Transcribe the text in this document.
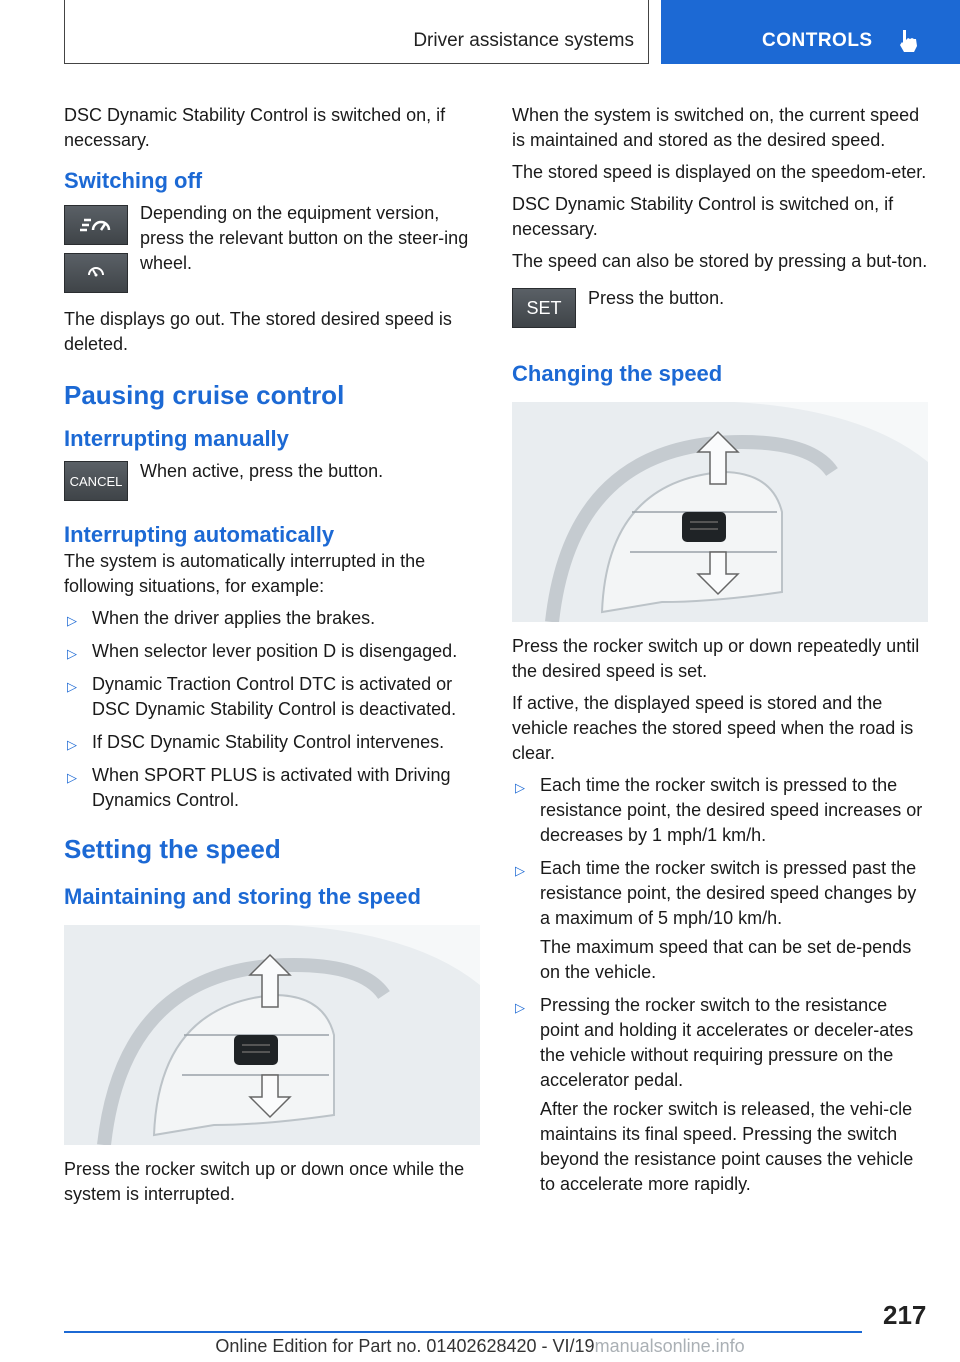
Driver assistance systems	CONTROLS

DSC Dynamic Stability Control is switched on, if necessary.

Switching off

Depending on the equipment version, press the relevant button on the steer-ing wheel.

The displays go out. The stored desired speed is deleted.

Pausing cruise control
Interrupting manually
CANCEL When active, press the button.

Interrupting automatically

The system is automatically interrupted in the following situations, for example:

▷ When the driver applies the brakes.
▷ When selector lever position D is disengaged.
▷ Dynamic Traction Control DTC is activated or DSC Dynamic Stability Control is deactivated.
▷ If DSC Dynamic Stability Control intervenes.
▷ When SPORT PLUS is activated with Driving Dynamics Control.
Setting the speed
Maintaining and storing the speed

Press the rocker switch up or down once while the system is interrupted.

When the system is switched on, the current speed is maintained and stored as the desired speed.

The stored speed is displayed on the speedom-eter.

DSC Dynamic Stability Control is switched on, if necessary.

The speed can also be stored by pressing a but-ton.

SET	Press the button.

Changing the speed

Press the rocker switch up or down repeatedly until the desired speed is set.

If active, the displayed speed is stored and the vehicle reaches the stored speed when the road is clear.

▷ Each time the rocker switch is pressed to the resistance point, the desired speed increases or decreases by 1 mph/1 km/h.
▷ Each time the rocker switch is pressed past the resistance point, the desired speed changes by a maximum of 5 mph/10 km/h.

The maximum speed that can be set de-pends on the vehicle.

▷ Pressing the rocker switch to the resistance point and holding it accelerates or deceler-ates the vehicle without requiring pressure on the accelerator pedal.

After the rocker switch is released, the vehi-cle maintains its final speed. Pressing the switch beyond the resistance point causes the vehicle to accelerate more rapidly.

217
Online Edition for Part no. 01402628420 - VI/19manualsonline.info
